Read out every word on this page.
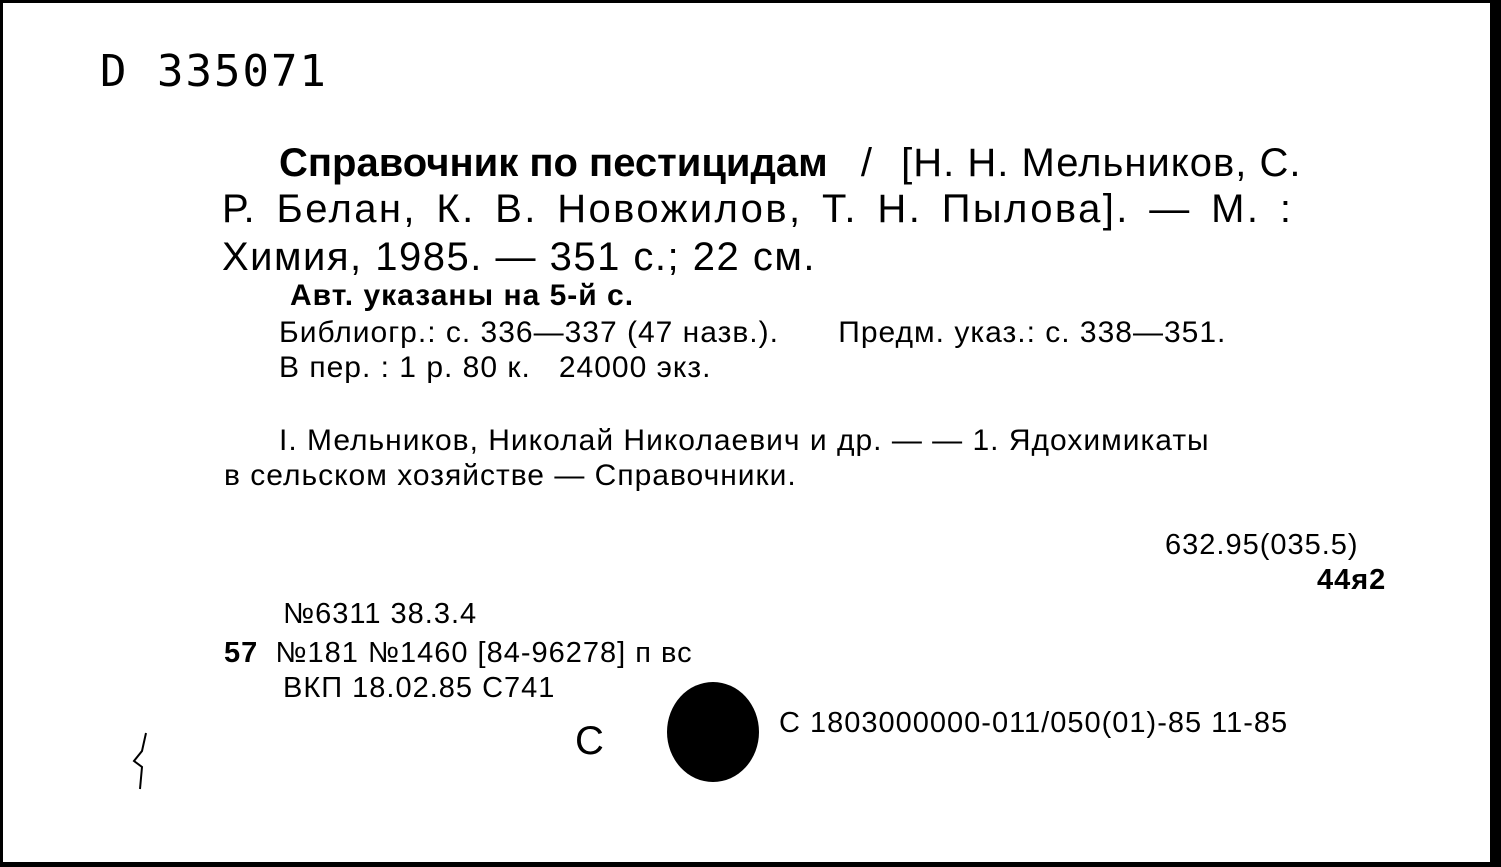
D 335071
Справочник по пестицидам / [Н. Н. Мельников, С.
Р. Белан, К. В. Новожилов, Т. Н. Пылова]. — М. :
Химия, 1985. — 351 с.; 22 см.
Авт. указаны на 5-й с.
Библиогр.: с. 336—337 (47 назв.). Предм. указ.: с. 338—351.
В пер. : 1 р. 80 к.   24000 экз.
I. Мельников, Николай Николаевич и др. — — 1. Ядохимикаты
в сельском хозяйстве — Справочники.
632.95(035.5)
44я2
№6311 38.3.4
57 №181 №1460 [84-96278] п вс
ВКП 18.02.85 С741
С	С 1803000000-011/050(01)-85 11-85
